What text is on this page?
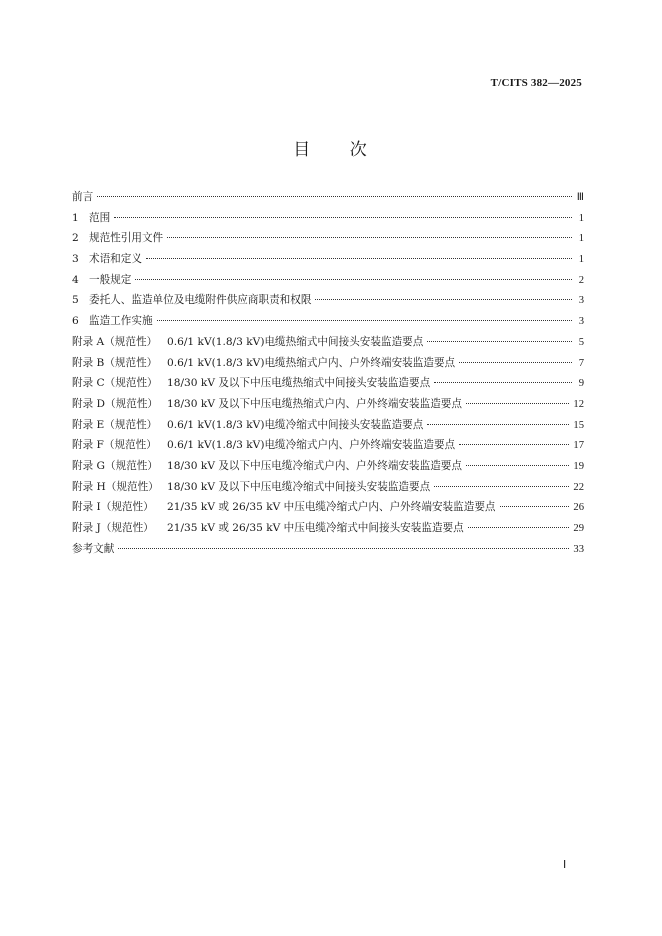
T/CITS 382—2025
目 次
前言	Ⅲ
1 范围	1
2 规范性引用文件	1
3 术语和定义	1
4 一般规定	2
5 委托人、监造单位及电缆附件供应商职责和权限	3
6 监造工作实施	3
附录 A（规范性） 0.6/1 kV(1.8/3 kV)电缆热缩式中间接头安装监造要点	5
附录 B（规范性） 0.6/1 kV(1.8/3 kV)电缆热缩式户内、户外终端安装监造要点	7
附录 C（规范性） 18/30 kV 及以下中压电缆热缩式中间接头安装监造要点	9
附录 D（规范性） 18/30 kV 及以下中压电缆热缩式户内、户外终端安装监造要点	12
附录 E（规范性） 0.6/1 kV(1.8/3 kV)电缆冷缩式中间接头安装监造要点	15
附录 F（规范性） 0.6/1 kV(1.8/3 kV)电缆冷缩式户内、户外终端安装监造要点	17
附录 G（规范性） 18/30 kV 及以下中压电缆冷缩式户内、户外终端安装监造要点	19
附录 H（规范性） 18/30 kV 及以下中压电缆冷缩式中间接头安装监造要点	22
附录 I（规范性） 21/35 kV 或 26/35 kV 中压电缆冷缩式户内、户外终端安装监造要点	26
附录 J（规范性） 21/35 kV 或 26/35 kV 中压电缆冷缩式中间接头安装监造要点	29
参考文献	33
Ⅰ
